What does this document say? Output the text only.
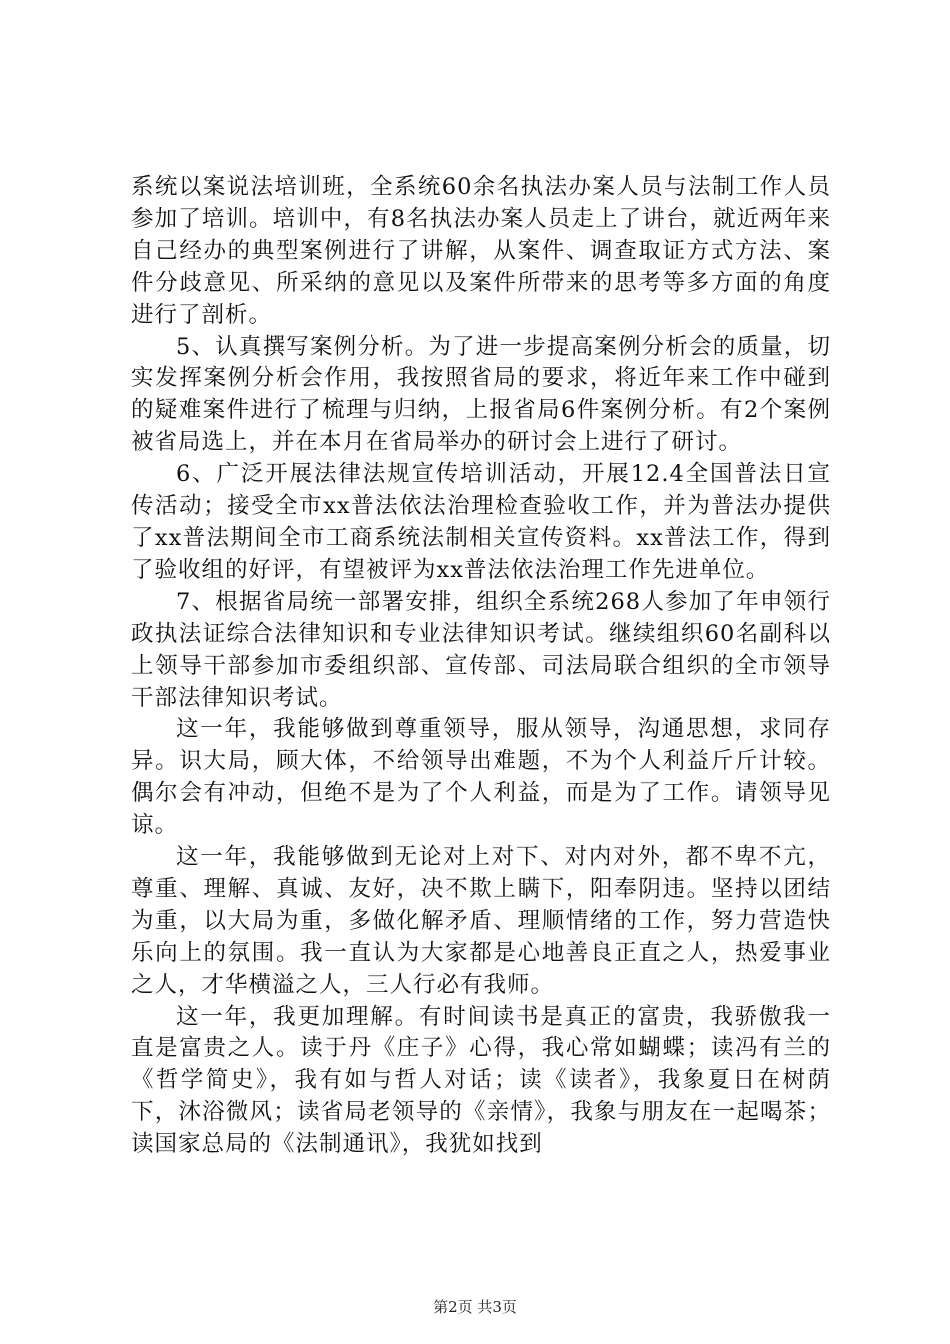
系统以案说法培训班，全系统60余名执法办案人员与法制工作人员参加了培训。培训中，有8名执法办案人员走上了讲台，就近两年来自己经办的典型案例进行了讲解，从案件、调查取证方式方法、案件分歧意见、所采纳的意见以及案件所带来的思考等多方面的角度进行了剖析。

5、认真撰写案例分析。为了进一步提高案例分析会的质量，切实发挥案例分析会作用，我按照省局的要求，将近年来工作中碰到的疑难案件进行了梳理与归纳，上报省局6件案例分析。有2个案例被省局选上，并在本月在省局举办的研讨会上进行了研讨。

6、广泛开展法律法规宣传培训活动，开展12.4全国普法日宣传活动；接受全市xx普法依法治理检查验收工作，并为普法办提供了xx普法期间全市工商系统法制相关宣传资料。xx普法工作，得到了验收组的好评，有望被评为xx普法依法治理工作先进单位。

7、根据省局统一部署安排，组织全系统268人参加了年申领行政执法证综合法律知识和专业法律知识考试。继续组织60名副科以上领导干部参加市委组织部、宣传部、司法局联合组织的全市领导干部法律知识考试。

这一年，我能够做到尊重领导，服从领导，沟通思想，求同存异。识大局，顾大体，不给领导出难题，不为个人利益斤斤计较。偶尔会有冲动，但绝不是为了个人利益，而是为了工作。请领导见谅。

这一年，我能够做到无论对上对下、对内对外，都不卑不亢，尊重、理解、真诚、友好，决不欺上瞒下，阳奉阴违。坚持以团结为重，以大局为重，多做化解矛盾、理顺情绪的工作，努力营造快乐向上的氛围。我一直认为大家都是心地善良正直之人，热爱事业之人，才华横溢之人，三人行必有我师。

这一年，我更加理解。有时间读书是真正的富贵，我骄傲我一直是富贵之人。读于丹《庄子》心得，我心常如蝴蝶；读冯有兰的《哲学简史》，我有如与哲人对话；读《读者》，我象夏日在树荫下，沐浴微风；读省局老领导的《亲情》，我象与朋友在一起喝茶；读国家总局的《法制通讯》，我犹如找到

第2页 共3页
